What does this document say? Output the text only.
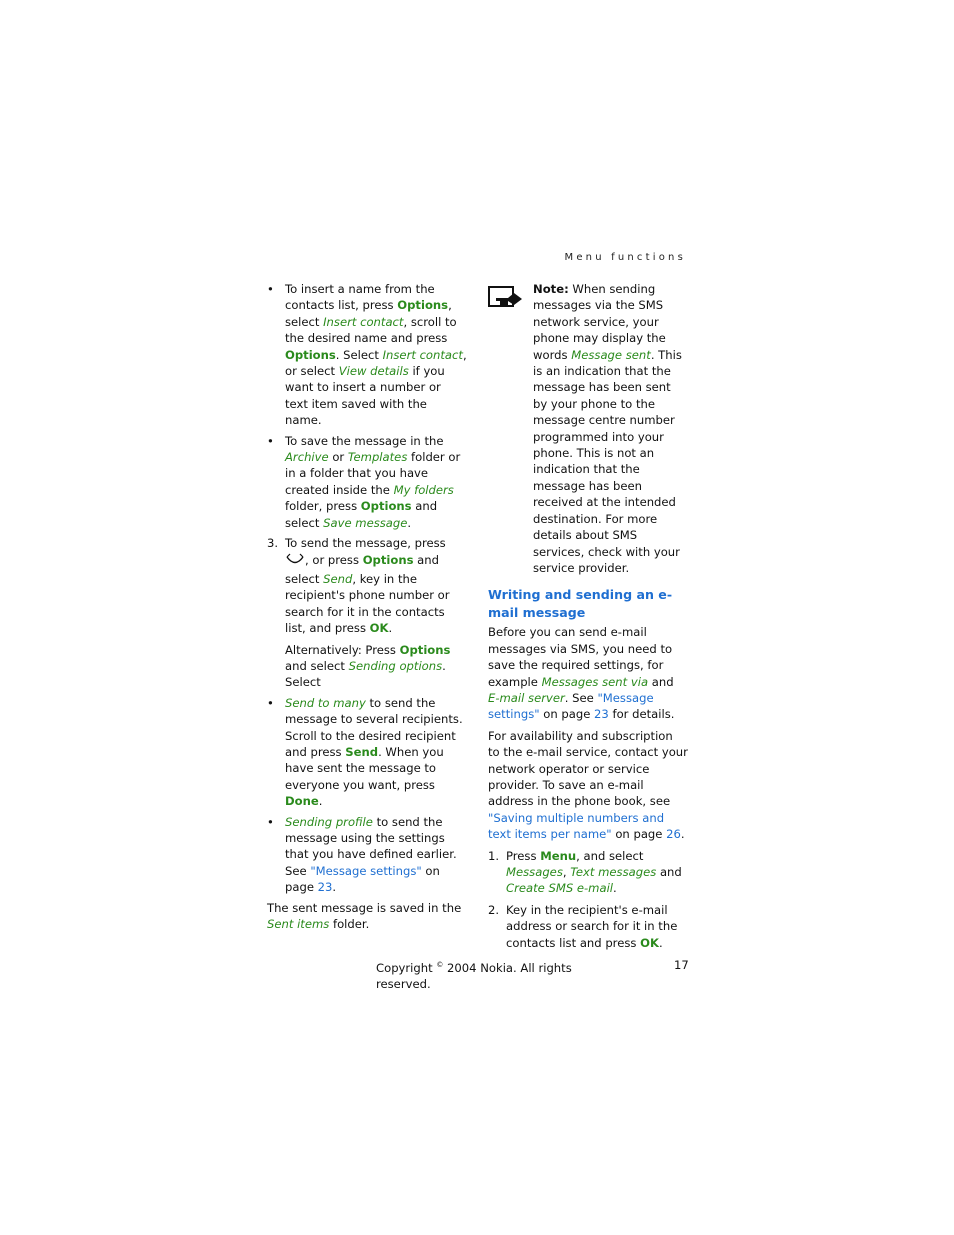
Menu functions
• To insert a name from the contacts list, press Options, select Insert contact, scroll to the desired name and press Options. Select Insert contact, or select View details if you want to insert a number or text item saved with the name.
• To save the message in the Archive or Templates folder or in a folder that you have created inside the My folders folder, press Options and select Save message.
3. To send the message, press , or press Options and select Send, key in the recipient's phone number or search for it in the contacts list, and press OK.

Alternatively: Press Options and select Sending options. Select

• Send to many to send the message to several recipients. Scroll to the desired recipient and press Send. When you have sent the message to everyone you want, press Done.
• Sending profile to send the message using the settings that you have defined earlier. See "Message settings" on page 23.

The sent message is saved in the Sent items folder.

Note: When sending messages via the SMS network service, your phone may display the words Message sent. This is an indication that the message has been sent by your phone to the message centre number programmed into your phone. This is not an indication that the message has been received at the intended destination. For more details about SMS services, check with your service provider.
Writing and sending an e-mail message

Before you can send e-mail messages via SMS, you need to save the required settings, for example Messages sent via and E-mail server. See "Message settings" on page 23 for details.

For availability and subscription to the e-mail service, contact your network operator or service provider. To save an e-mail address in the phone book, see "Saving multiple numbers and text items per name" on page 26.

1. Press Menu, and select Messages, Text messages and Create SMS e-mail.
2. Key in the recipient's e-mail address or search for it in the contacts list and press OK.
Copyright © 2004 Nokia. All rights reserved.
17
